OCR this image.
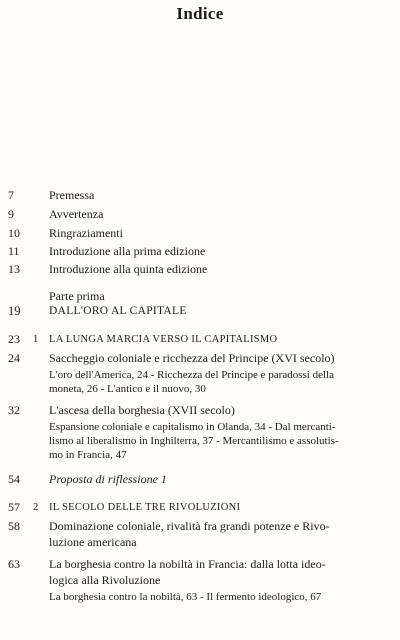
Indice
7	Premessa
9	Avvertenza
10 Ringraziamenti
11 Introduzione alla prima edizione
13 Introduzione alla quinta edizione
Parte prima
19 DALL'ORO AL CAPITALE
23 1 LA LUNGA MARCIA VERSO IL CAPITALISMO
24 Saccheggio coloniale e ricchezza del Principe (XVI secolo)
L'oro dell'America, 24 - Ricchezza del Principe e paradossi della
moneta, 26 - L'antico e il nuovo, 30
32 L'ascesa della borghesia (XVII secolo)
Espansione coloniale e capitalismo in Olanda, 34 - Dal mercanti-
lismo al liberalismo in Inghilterra, 37 - Mercantilismo e assolutis-
mo in Francia, 47
54 Proposta di riflessione 1
57 2 IL SECOLO DELLE TRE RIVOLUZIONI
58 Dominazione coloniale, rivalità fra grandi potenze e Rivo-
luzione americana
63 La borghesia contro la nobiltà in Francia: dalla lotta ideo-
logica alla Rivoluzione
La borghesia contro la nobiltà, 63 - Il fermento ideologico, 67
